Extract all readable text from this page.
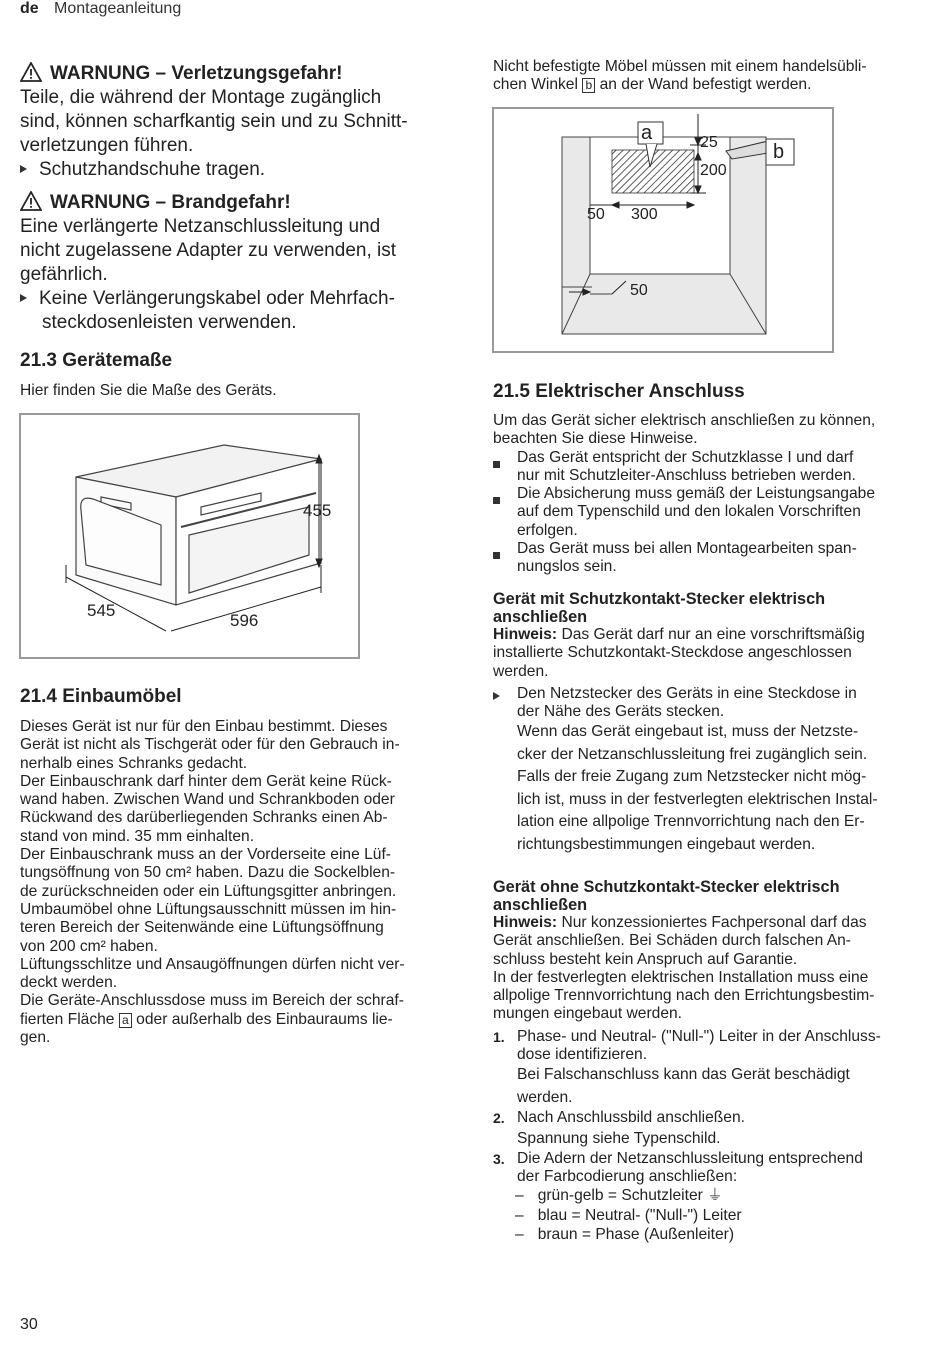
de Montageanleitung
WARNUNG – Verletzungsgefahr!
Teile, die während der Montage zugänglich
sind, können scharfkantig sein und zu Schnitt-
verletzungen führen.
Schutzhandschuhe tragen.
WARNUNG – Brandgefahr!
Eine verlängerte Netzanschlussleitung und
nicht zugelassene Adapter zu verwenden, ist
gefährlich.
Keine Verlängerungskabel oder Mehrfach-
steckdosenleisten verwenden.
21.3 Gerätemaße
Hier finden Sie die Maße des Geräts.
455
545
596
21.4 Einbaumöbel
Dieses Gerät ist nur für den Einbau bestimmt. Dieses
Gerät ist nicht als Tischgerät oder für den Gebrauch in-
nerhalb eines Schranks gedacht.
Der Einbauschrank darf hinter dem Gerät keine Rück-
wand haben. Zwischen Wand und Schrankboden oder
Rückwand des darüberliegenden Schranks einen Ab-
stand von mind. 35 mm einhalten.
Der Einbauschrank muss an der Vorderseite eine Lüf-
tungsöffnung von 50 cm² haben. Dazu die Sockelblen-
de zurückschneiden oder ein Lüftungsgitter anbringen.
Umbaumöbel ohne Lüftungsausschnitt müssen im hin-
teren Bereich der Seitenwände eine Lüftungsöffnung
von 200 cm² haben.
Lüftungsschlitze und Ansaugöffnungen dürfen nicht ver-
deckt werden.
Die Geräte-Anschlussdose muss im Bereich der schraf-
fierten Fläche a oder außerhalb des Einbauraums lie-
gen.
Nicht befestigte Möbel müssen mit einem handelsübli-
chen Winkel b an der Wand befestigt werden.
a
b
25
200
50 300
50
21.5 Elektrischer Anschluss
Um das Gerät sicher elektrisch anschließen zu können,
beachten Sie diese Hinweise.
Das Gerät entspricht der Schutzklasse I und darf
nur mit Schutzleiter-Anschluss betrieben werden.
Die Absicherung muss gemäß der Leistungsangabe
auf dem Typenschild und den lokalen Vorschriften
erfolgen.
Das Gerät muss bei allen Montagearbeiten span-
nungslos sein.
Gerät mit Schutzkontakt-Stecker elektrisch
anschließen
Hinweis: Das Gerät darf nur an eine vorschriftsmäßig
installierte Schutzkontakt-Steckdose angeschlossen
werden.
Den Netzstecker des Geräts in eine Steckdose in
der Nähe des Geräts stecken.
Wenn das Gerät eingebaut ist, muss der Netzste-
cker der Netzanschlussleitung frei zugänglich sein.
Falls der freie Zugang zum Netzstecker nicht mög-
lich ist, muss in der festverlegten elektrischen Instal-
lation eine allpolige Trennvorrichtung nach den Er-
richtungsbestimmungen eingebaut werden.
Gerät ohne Schutzkontakt-Stecker elektrisch
anschließen
Hinweis: Nur konzessioniertes Fachpersonal darf das
Gerät anschließen. Bei Schäden durch falschen An-
schluss besteht kein Anspruch auf Garantie.
In der festverlegten elektrischen Installation muss eine
allpolige Trennvorrichtung nach den Errichtungsbestim-
mungen eingebaut werden.
1. Phase- und Neutral- ("Null-") Leiter in der Anschluss-
dose identifizieren.
Bei Falschanschluss kann das Gerät beschädigt
werden.
2. Nach Anschlussbild anschließen.
Spannung siehe Typenschild.
3. Die Adern der Netzanschlussleitung entsprechend
der Farbcodierung anschließen:
– grün-gelb = Schutzleiter ⏚
– blau = Neutral- ("Null-") Leiter
– braun = Phase (Außenleiter)
30
